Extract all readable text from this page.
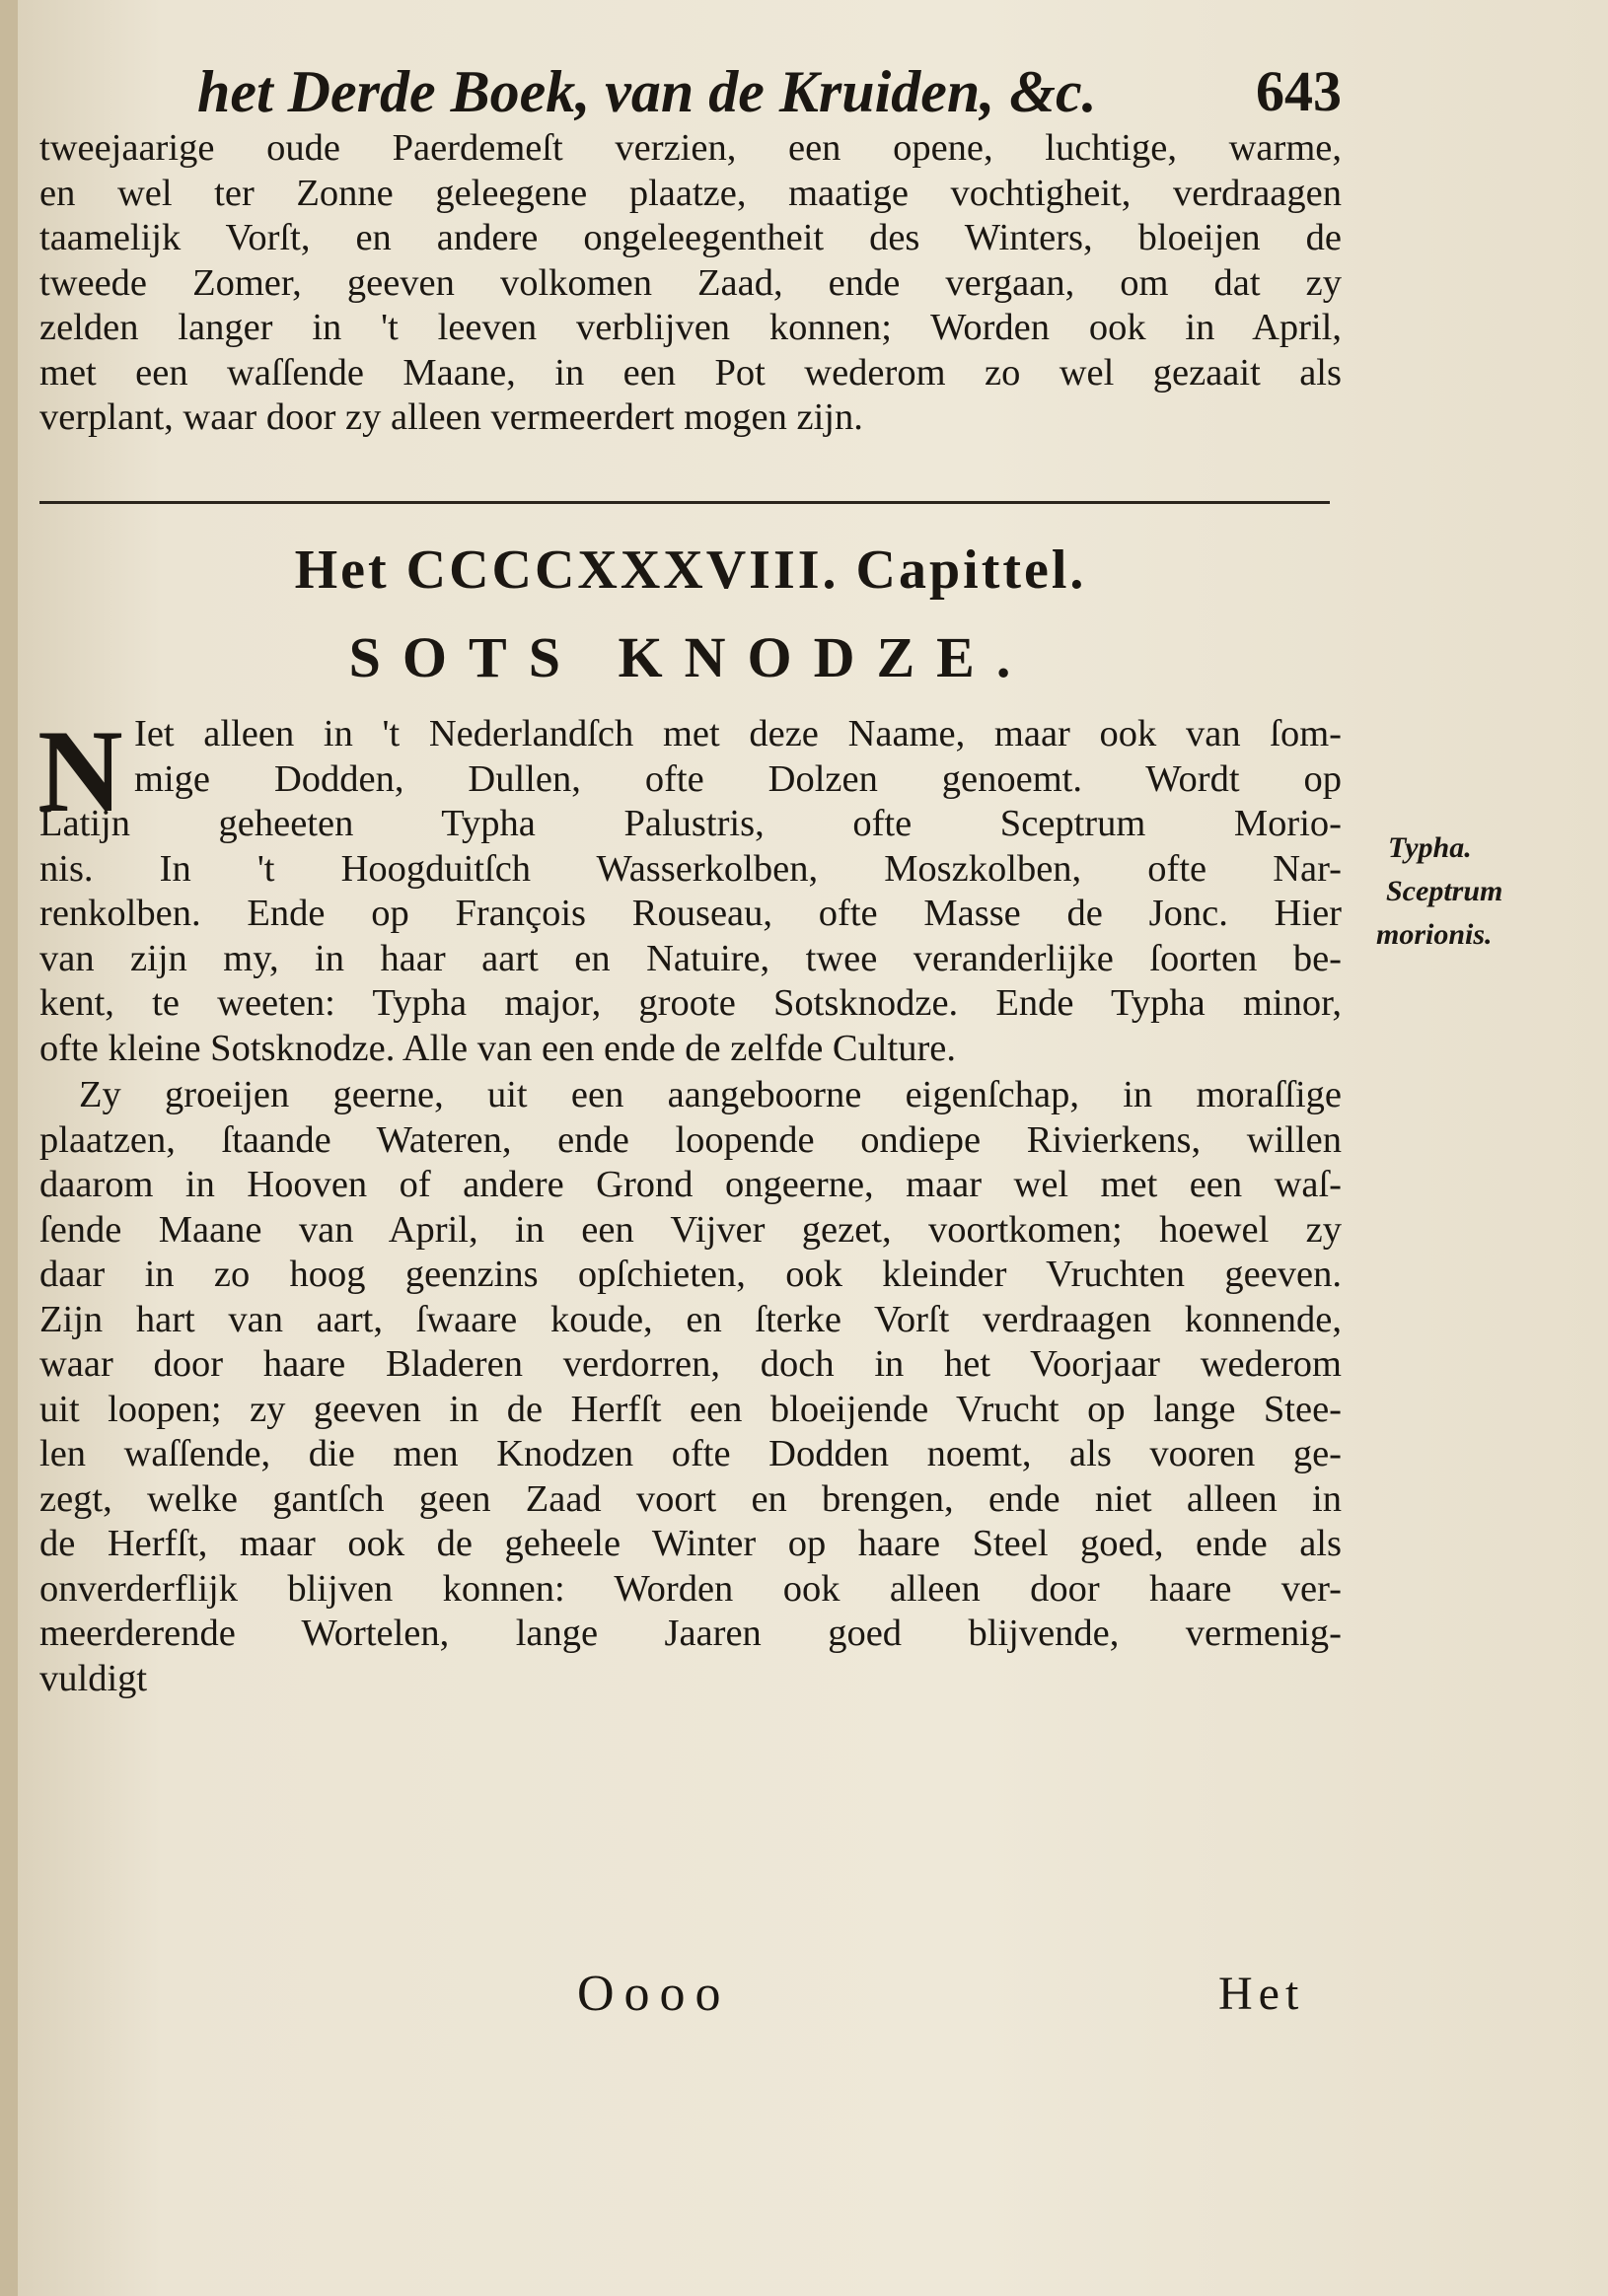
het Derde Boek, van de Kruiden, &c.	643
tweejaarige oude Paerdemeſt verzien, een opene, luchtige, warme,
en wel ter Zonne geleegene plaatze, maatige vochtigheit, verdraagen
taamelijk Vorſt, en andere ongeleegentheit des Winters, bloeijen de
tweede Zomer, geeven volkomen Zaad, ende vergaan, om dat zy
zelden langer in 't leeven verblijven konnen; Worden ook in April,
met een waſſende Maane, in een Pot wederom zo wel gezaait als
verplant, waar door zy alleen vermeerdert mogen zijn.
Het CCCCXXXVIII. Capittel.
SOTS KNODZE.
N Iet alleen in 't Nederlandſch met deze Naame, maar ook van ſom-
mige Dodden, Dullen, ofte Dolzen genoemt. Wordt op
Latijn geheeten Typha Palustris, ofte Sceptrum Morio-
nis. In 't Hoogduitſch Wasserkolben, Moszkolben, ofte Nar-
renkolben. Ende op François Rouseau, ofte Masse de Jonc. Hier
van zijn my, in haar aart en Natuire, twee veranderlijke ſoorten be-
kent, te weeten: Typha major, groote Sotsknodze. Ende Typha minor,
ofte kleine Sotsknodze. Alle van een ende de zelfde Culture.
Zy groeijen geerne, uit een aangeboorne eigenſchap, in moraſſige
plaatzen, ſtaande Wateren, ende loopende ondiepe Rivierkens, willen
daarom in Hooven of andere Grond ongeerne, maar wel met een waſ-
ſende Maane van April, in een Vijver gezet, voortkomen; hoewel zy
daar in zo hoog geenzins opſchieten, ook kleinder Vruchten geeven.
Zijn hart van aart, ſwaare koude, en ſterke Vorſt verdraagen konnende,
waar door haare Bladeren verdorren, doch in het Voorjaar wederom
uit loopen; zy geeven in de Herfſt een bloeijende Vrucht op lange Stee-
len waſſende, die men Knodzen ofte Dodden noemt, als vooren ge-
zegt, welke gantſch geen Zaad voort en brengen, ende niet alleen in
de Herfſt, maar ook de geheele Winter op haare Steel goed, ende als
onverderflijk blijven konnen: Worden ook alleen door haare ver-
meerderende Wortelen, lange Jaaren goed blijvende, vermenig-
vuldigt
Typha.
Sceptrum
morionis.
Oooo	Het
